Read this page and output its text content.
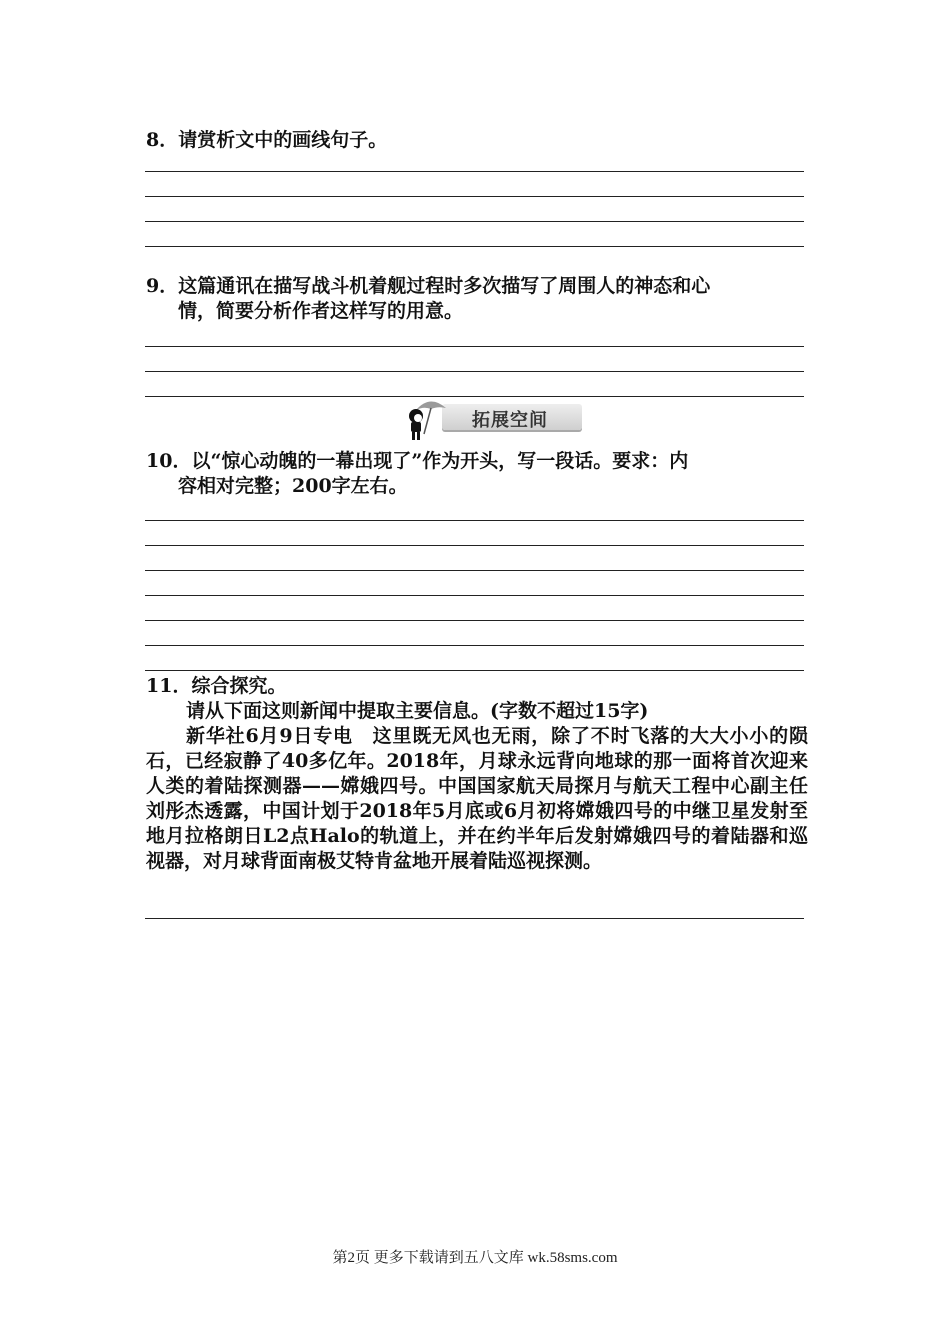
8．请赏析文中的画线句子。

9．这篇通讯在描写战斗机着舰过程时多次描写了周围人的神态和心
情，简要分析作者这样写的用意。

拓展空间

10．以“惊心动魄的一幕出现了”作为开头，写一段话。要求：内
容相对完整；200字左右。

11．综合探究。

请从下面这则新闻中提取主要信息。(字数不超过15字)

新华社6月9日专电　这里既无风也无雨，除了不时飞落的大大小小的陨石，已经寂静了40多亿年。2018年，月球永远背向地球的那一面将首次迎来人类的着陆探测器——嫦娥四号。中国国家航天局探月与航天工程中心副主任刘彤杰透露，中国计划于2018年5月底或6月初将嫦娥四号的中继卫星发射至地月拉格朗日L2点Halo的轨道上，并在约半年后发射嫦娥四号的着陆器和巡视器，对月球背面南极艾特肯盆地开展着陆巡视探测。

第2页 更多下载请到五八文库 wk.58sms.com
